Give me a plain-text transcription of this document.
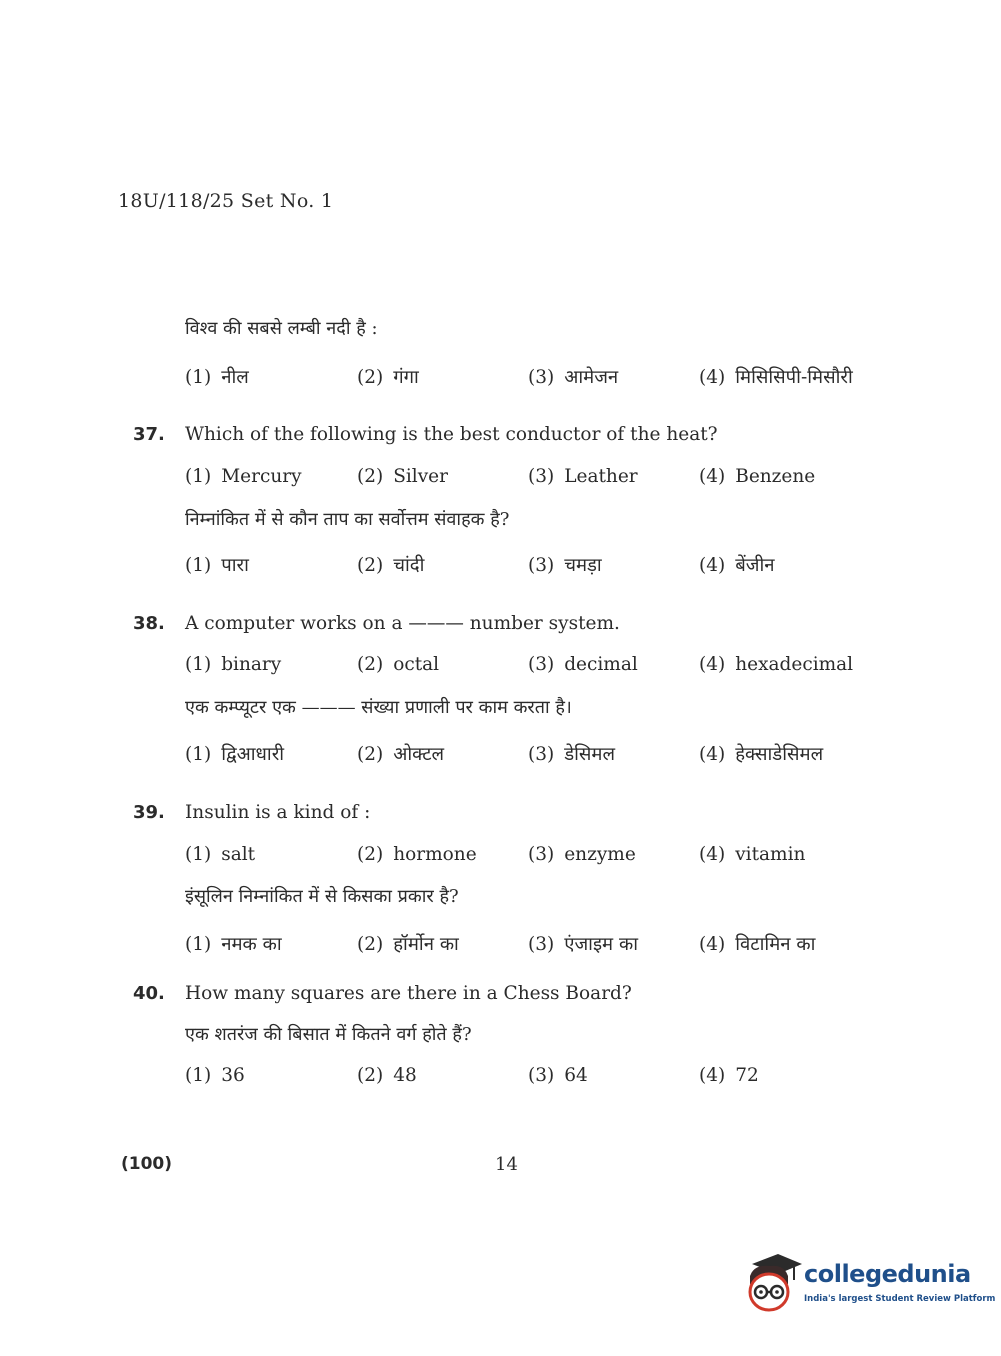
18U/118/25 Set No. 1
विश्व की सबसे लम्बी नदी है :
(1) नील	(2) गंगा	(3) आमेजन	(4) मिसिसिपी-मिसौरी
37. Which of the following is the best conductor of the heat?
(1) Mercury	(2) Silver	(3) Leather	(4) Benzene
निम्नांकित में से कौन ताप का सर्वोत्तम संवाहक है?
(1) पारा	(2) चांदी	(3) चमड़ा	(4) बेंजीन
38. A computer works on a ——— number system.
(1) binary	(2) octal	(3) decimal	(4) hexadecimal
एक कम्प्यूटर एक ——— संख्या प्रणाली पर काम करता है।
(1) द्विआधारी	(2) ओक्टल	(3) डेसिमल	(4) हेक्साडेसिमल
39. Insulin is a kind of :
(1) salt	(2) hormone	(3) enzyme	(4) vitamin
इंसूलिन निम्नांकित में से किसका प्रकार है?
(1) नमक का	(2) हॉर्मोन का	(3) एंजाइम का	(4) विटामिन का
40. How many squares are there in a Chess Board?
एक शतरंज की बिसात में कितने वर्ग होते हैं?
(1) 36	(2) 48	(3) 64	(4) 72
(100)	14
collegedunia
India's largest Student Review Platform
